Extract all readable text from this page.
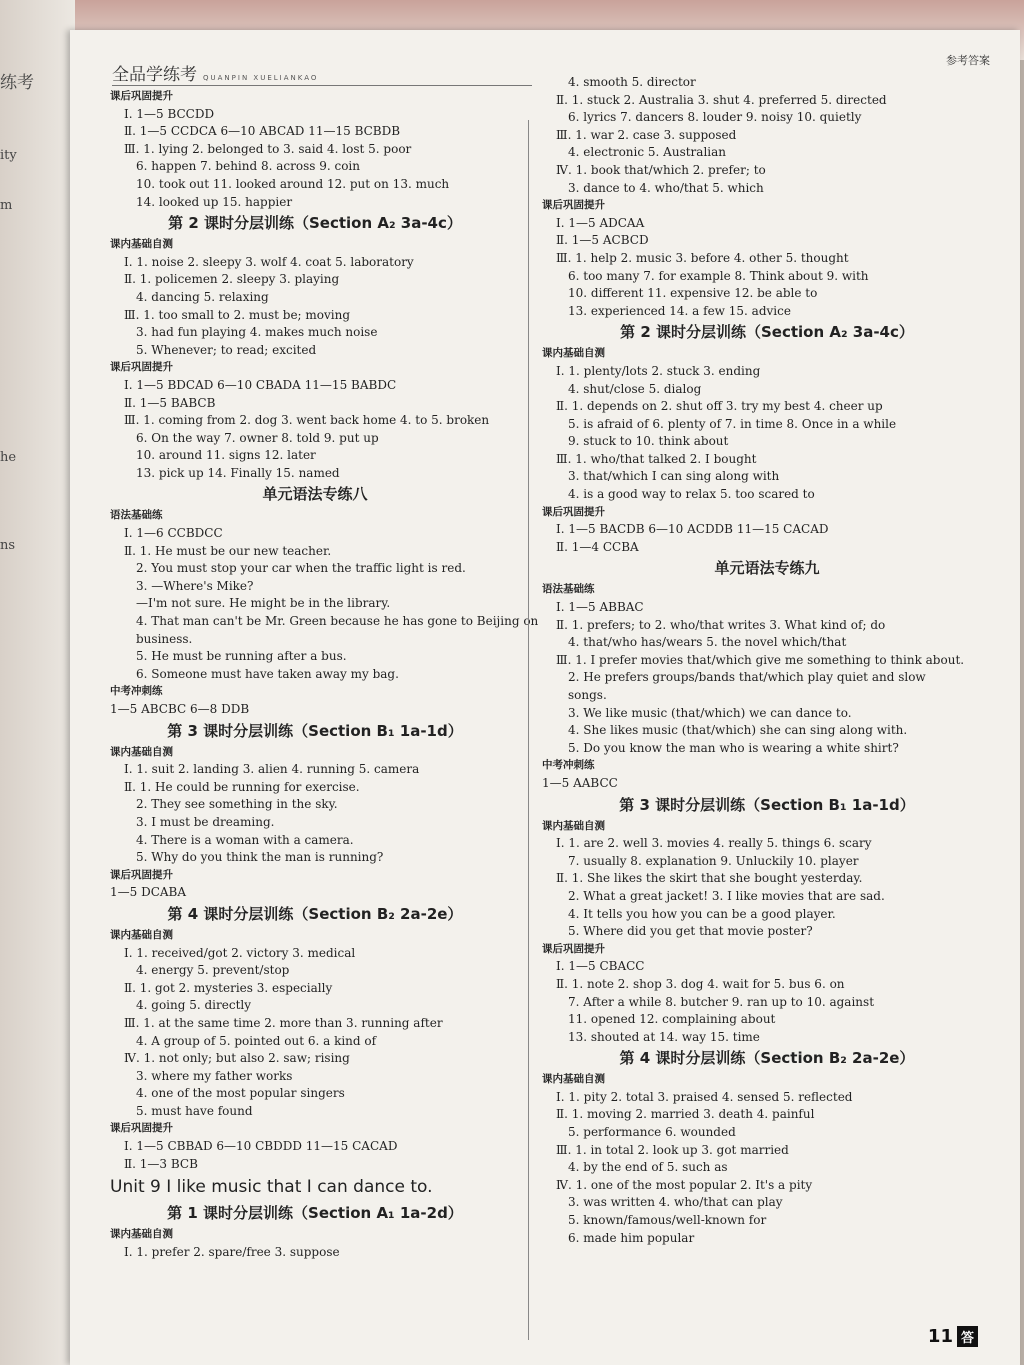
练考
ity
m
he
ns
全品学练考 QUANPIN XUELIANKAO
参考答案
课后巩固提升
Ⅰ. 1—5 BCCDD
Ⅱ. 1—5 CCDCA 6—10 ABCAD 11—15 BCBDB
Ⅲ. 1. lying 2. belonged to 3. said 4. lost 5. poor
6. happen 7. behind 8. across 9. coin
10. took out 11. looked around 12. put on 13. much
14. looked up 15. happier
第 2 课时分层训练（Section A₂ 3a-4c）
课内基础自测
Ⅰ. 1. noise 2. sleepy 3. wolf 4. coat 5. laboratory
Ⅱ. 1. policemen 2. sleepy 3. playing
4. dancing 5. relaxing
Ⅲ. 1. too small to 2. must be; moving
3. had fun playing 4. makes much noise
5. Whenever; to read; excited
课后巩固提升
Ⅰ. 1—5 BDCAD 6—10 CBADA 11—15 BABDC
Ⅱ. 1—5 BABCB
Ⅲ. 1. coming from 2. dog 3. went back home 4. to 5. broken
6. On the way 7. owner 8. told 9. put up
10. around 11. signs 12. later
13. pick up 14. Finally 15. named
单元语法专练八
语法基础练
Ⅰ. 1—6 CCBDCC
Ⅱ. 1. He must be our new teacher.
2. You must stop your car when the traffic light is red.
3. —Where's Mike?
—I'm not sure. He might be in the library.
4. That man can't be Mr. Green because he has gone to Beijing on
business.
5. He must be running after a bus.
6. Someone must have taken away my bag.
中考冲刺练
1—5 ABCBC 6—8 DDB
第 3 课时分层训练（Section B₁ 1a-1d）
课内基础自测
Ⅰ. 1. suit 2. landing 3. alien 4. running 5. camera
Ⅱ. 1. He could be running for exercise.
2. They see something in the sky.
3. I must be dreaming.
4. There is a woman with a camera.
5. Why do you think the man is running?
课后巩固提升
1—5 DCABA
第 4 课时分层训练（Section B₂ 2a-2e）
课内基础自测
Ⅰ. 1. received/got 2. victory 3. medical
4. energy 5. prevent/stop
Ⅱ. 1. got 2. mysteries 3. especially
4. going 5. directly
Ⅲ. 1. at the same time 2. more than 3. running after
4. A group of 5. pointed out 6. a kind of
Ⅳ. 1. not only; but also 2. saw; rising
3. where my father works
4. one of the most popular singers
5. must have found
课后巩固提升
Ⅰ. 1—5 CBBAD 6—10 CBDDD 11—15 CACAD
Ⅱ. 1—3 BCB
Unit 9 I like music that I can dance to.
第 1 课时分层训练（Section A₁ 1a-2d）
课内基础自测
Ⅰ. 1. prefer 2. spare/free 3. suppose
4. smooth 5. director
Ⅱ. 1. stuck 2. Australia 3. shut 4. preferred 5. directed
6. lyrics 7. dancers 8. louder 9. noisy 10. quietly
Ⅲ. 1. war 2. case 3. supposed
4. electronic 5. Australian
Ⅳ. 1. book that/which 2. prefer; to
3. dance to 4. who/that 5. which
课后巩固提升
Ⅰ. 1—5 ADCAA
Ⅱ. 1—5 ACBCD
Ⅲ. 1. help 2. music 3. before 4. other 5. thought
6. too many 7. for example 8. Think about 9. with
10. different 11. expensive 12. be able to
13. experienced 14. a few 15. advice
第 2 课时分层训练（Section A₂ 3a-4c）
课内基础自测
Ⅰ. 1. plenty/lots 2. stuck 3. ending
4. shut/close 5. dialog
Ⅱ. 1. depends on 2. shut off 3. try my best 4. cheer up
5. is afraid of 6. plenty of 7. in time 8. Once in a while
9. stuck to 10. think about
Ⅲ. 1. who/that talked 2. I bought
3. that/which I can sing along with
4. is a good way to relax 5. too scared to
课后巩固提升
Ⅰ. 1—5 BACDB 6—10 ACDDB 11—15 CACAD
Ⅱ. 1—4 CCBA
单元语法专练九
语法基础练
Ⅰ. 1—5 ABBAC
Ⅱ. 1. prefers; to 2. who/that writes 3. What kind of; do
4. that/who has/wears 5. the novel which/that
Ⅲ. 1. I prefer movies that/which give me something to think about.
2. He prefers groups/bands that/which play quiet and slow
songs.
3. We like music (that/which) we can dance to.
4. She likes music (that/which) she can sing along with.
5. Do you know the man who is wearing a white shirt?
中考冲刺练
1—5 AABCC
第 3 课时分层训练（Section B₁ 1a-1d）
课内基础自测
Ⅰ. 1. are 2. well 3. movies 4. really 5. things 6. scary
7. usually 8. explanation 9. Unluckily 10. player
Ⅱ. 1. She likes the skirt that she bought yesterday.
2. What a great jacket! 3. I like movies that are sad.
4. It tells you how you can be a good player.
5. Where did you get that movie poster?
课后巩固提升
Ⅰ. 1—5 CBACC
Ⅱ. 1. note 2. shop 3. dog 4. wait for 5. bus 6. on
7. After a while 8. butcher 9. ran up to 10. against
11. opened 12. complaining about
13. shouted at 14. way 15. time
第 4 课时分层训练（Section B₂ 2a-2e）
课内基础自测
Ⅰ. 1. pity 2. total 3. praised 4. sensed 5. reflected
Ⅱ. 1. moving 2. married 3. death 4. painful
5. performance 6. wounded
Ⅲ. 1. in total 2. look up 3. got married
4. by the end of 5. such as
Ⅳ. 1. one of the most popular 2. It's a pity
3. was written 4. who/that can play
5. known/famous/well-known for
6. made him popular
11 答
